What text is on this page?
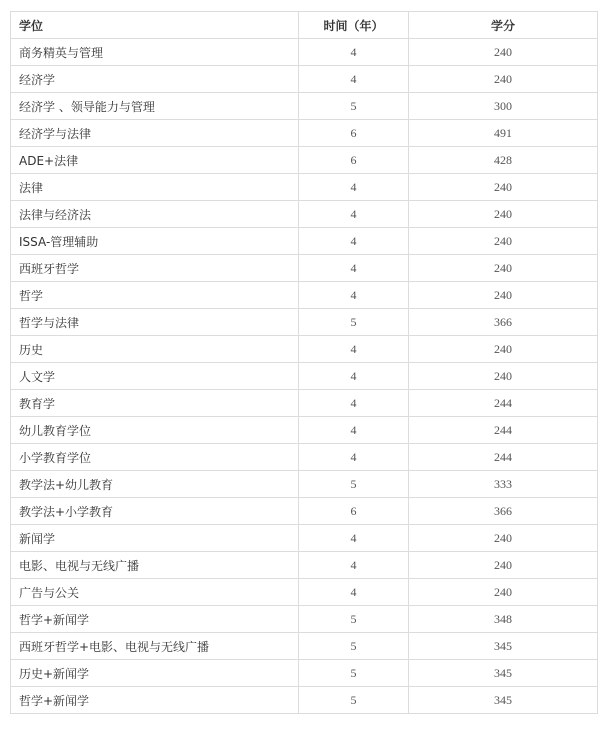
学位	时间（年）	学分
商务精英与管理	4	240
经济学	4	240
经济学 、领导能力与管理	5	300
经济学与法律	6	491
ADE+法律	6	428
法律	4	240
法律与经济法	4	240
ISSA-管理辅助	4	240
西班牙哲学	4	240
哲学	4	240
哲学与法律	5	366
历史	4	240
人文学	4	240
教育学	4	244
幼儿教育学位	4	244
小学教育学位	4	244
教学法+幼儿教育	5	333
教学法+小学教育	6	366
新闻学	4	240
电影、电视与无线广播	4	240
广告与公关	4	240
哲学+新闻学	5	348
西班牙哲学+电影、电视与无线广播	5	345
历史+新闻学	5	345
哲学+新闻学	5	345
